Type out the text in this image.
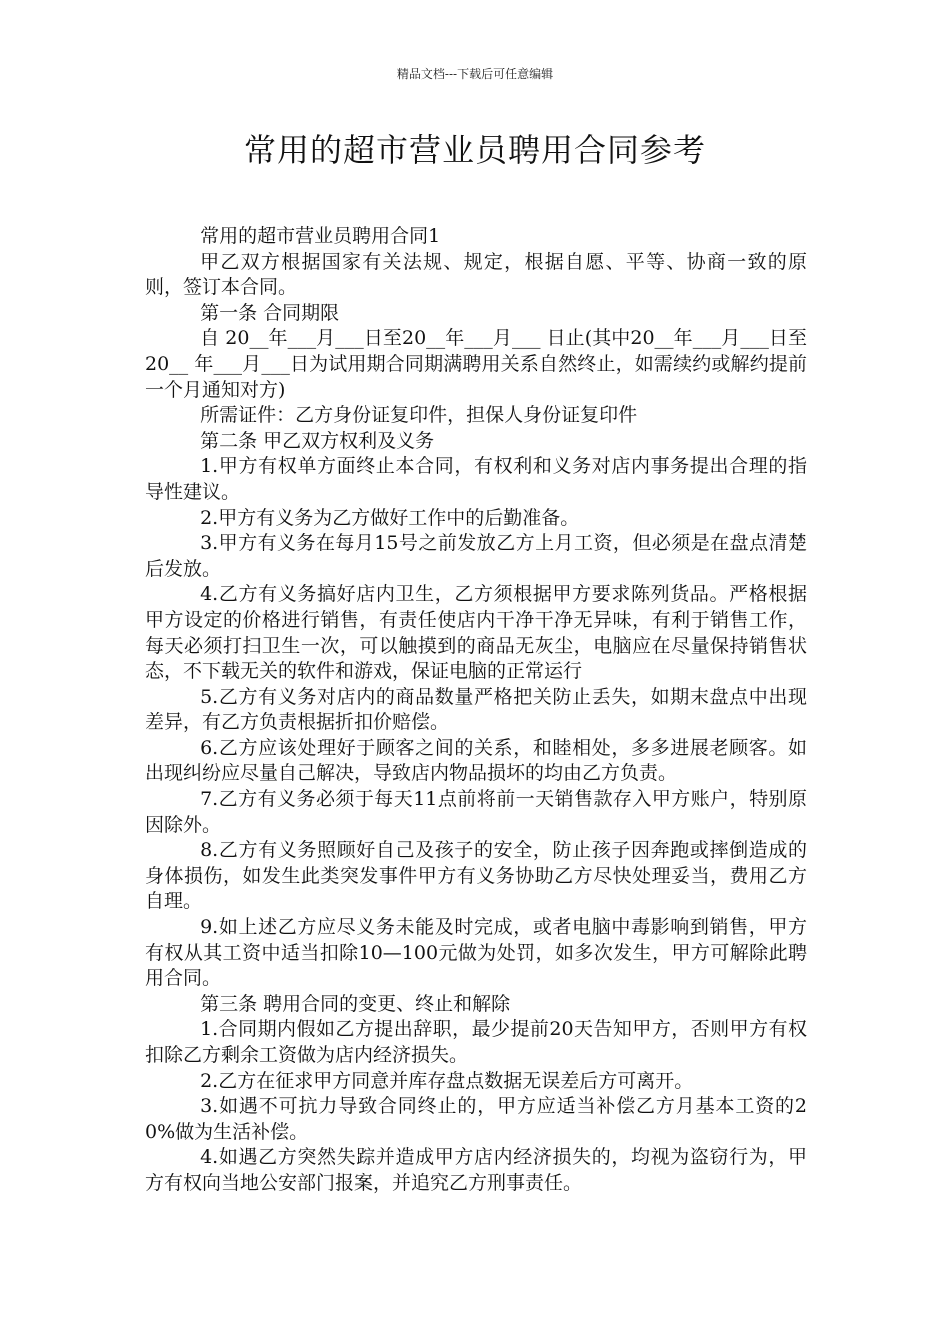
精品文档---下载后可任意编辑
常用的超市营业员聘用合同参考

常用的超市营业员聘用合同1

甲乙双方根据国家有关法规、规定，根据自愿、平等、协商一致的原则，签订本合同。

第一条 合同期限

自 20__年___月___日至20__年___月___ 日止(其中20__年___月___日至20__ 年___月___日为试用期合同期满聘用关系自然终止，如需续约或解约提前一个月通知对方)

所需证件：乙方身份证复印件，担保人身份证复印件

第二条 甲乙双方权利及义务

1.甲方有权单方面终止本合同，有权利和义务对店内事务提出合理的指导性建议。

2.甲方有义务为乙方做好工作中的后勤准备。

3.甲方有义务在每月15号之前发放乙方上月工资，但必须是在盘点清楚后发放。

4.乙方有义务搞好店内卫生，乙方须根据甲方要求陈列货品。严格根据甲方设定的价格进行销售，有责任使店内干净干净无异味，有利于销售工作，每天必须打扫卫生一次，可以触摸到的商品无灰尘，电脑应在尽量保持销售状态，不下载无关的软件和游戏，保证电脑的正常运行

5.乙方有义务对店内的商品数量严格把关防止丢失，如期末盘点中出现差异，有乙方负责根据折扣价赔偿。

6.乙方应该处理好于顾客之间的关系，和睦相处，多多进展老顾客。如出现纠纷应尽量自己解决，导致店内物品损坏的均由乙方负责。

7.乙方有义务必须于每天11点前将前一天销售款存入甲方账户，特别原因除外。

8.乙方有义务照顾好自己及孩子的安全，防止孩子因奔跑或摔倒造成的身体损伤，如发生此类突发事件甲方有义务协助乙方尽快处理妥当，费用乙方自理。

9.如上述乙方应尽义务未能及时完成，或者电脑中毒影响到销售，甲方有权从其工资中适当扣除10—100元做为处罚，如多次发生，甲方可解除此聘用合同。

第三条 聘用合同的变更、终止和解除

1.合同期内假如乙方提出辞职，最少提前20天告知甲方，否则甲方有权扣除乙方剩余工资做为店内经济损失。

2.乙方在征求甲方同意并库存盘点数据无误差后方可离开。

3.如遇不可抗力导致合同终止的，甲方应适当补偿乙方月基本工资的20%做为生活补偿。

4.如遇乙方突然失踪并造成甲方店内经济损失的，均视为盗窃行为，甲方有权向当地公安部门报案，并追究乙方刑事责任。
